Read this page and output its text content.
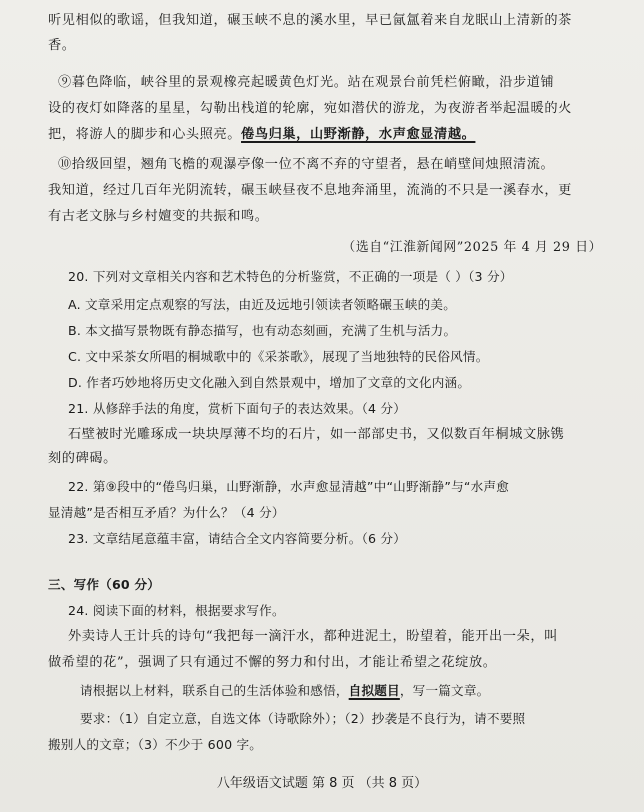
听见相似的歌谣，但我知道，碾玉峡不息的溪水里，早已氤氲着来自龙眠山上清新的茶
香。
⑨暮色降临，峡谷里的景观橡亮起暖黄色灯光。站在观景台前凭栏俯瞰，沿步道铺
设的夜灯如降落的星星，勾勒出栈道的轮廓，宛如潜伏的游龙，为夜游者举起温暖的火
把，将游人的脚步和心头照亮。倦鸟归巢，山野渐静，水声愈显清越。
⑩拾级回望，翘角飞檐的观瀑亭像一位不离不弃的守望者，悬在峭壁间烛照清流。
我知道，经过几百年光阴流转，碾玉峡昼夜不息地奔涌里，流淌的不只是一溪春水，更
有古老文脉与乡村嬗变的共振和鸣。
（选自“江淮新闻网”2025 年 4 月 29 日）
20. 下列对文章相关内容和艺术特色的分析鉴赏，不正确的一项是（ ）（3 分）
A. 文章采用定点观察的写法，由近及远地引领读者领略碾玉峡的美。
B. 本文描写景物既有静态描写，也有动态刻画，充满了生机与活力。
C. 文中采茶女所唱的桐城歌中的《采茶歌》，展现了当地独特的民俗风情。
D. 作者巧妙地将历史文化融入到自然景观中，增加了文章的文化内涵。
21. 从修辞手法的角度，赏析下面句子的表达效果。（4 分）
石壁被时光雕琢成一块块厚薄不均的石片，如一部部史书，又似数百年桐城文脉镌
刻的碑碣。
22. 第⑨段中的“倦鸟归巢，山野渐静，水声愈显清越”中“山野渐静”与“水声愈
显清越”是否相互矛盾？为什么？（4 分）
23. 文章结尾意蕴丰富，请结合全文内容简要分析。（6 分）
三、写作（60 分）
24. 阅读下面的材料，根据要求写作。
外卖诗人王计兵的诗句“我把每一滴汗水，都种进泥土，盼望着，能开出一朵，叫
做希望的花”，强调了只有通过不懈的努力和付出，才能让希望之花绽放。
请根据以上材料，联系自己的生活体验和感悟，自拟题目，写一篇文章。
要求：（1）自定立意，自选文体（诗歌除外）；（2）抄袭是不良行为，请不要照
搬别人的文章；（3）不少于 600 字。
八年级语文试题 第 8 页 （共 8 页）
